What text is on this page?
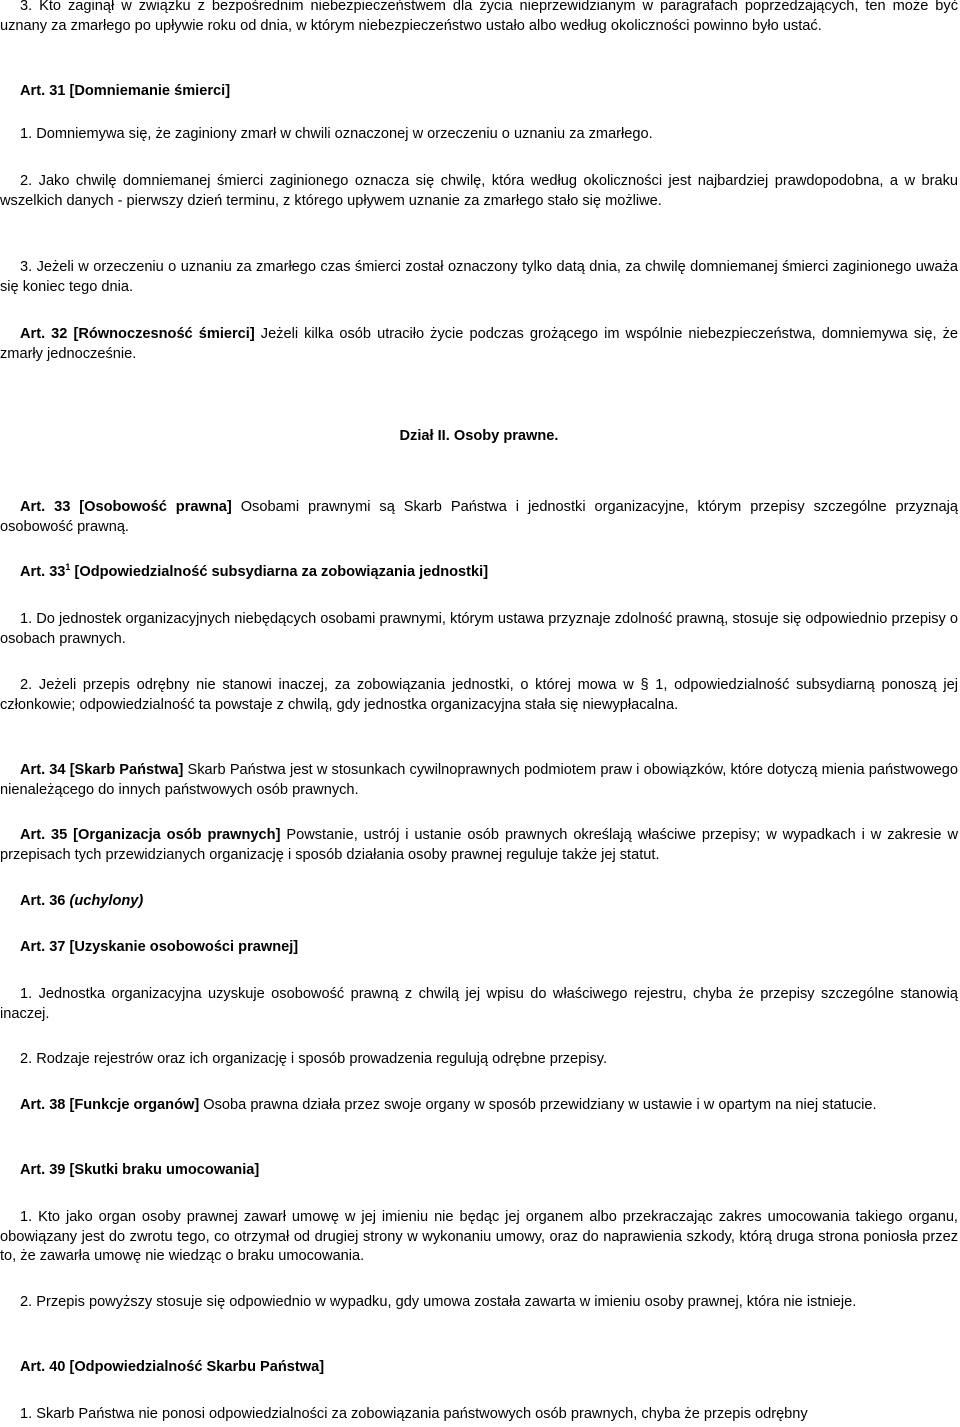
3. Kto zaginął w związku z bezpośrednim niebezpieczeństwem dla życia nieprzewidzianym w paragrafach poprzedzających, ten może być uznany za zmarłego po upływie roku od dnia, w którym niebezpieczeństwo ustało albo według okoliczności powinno było ustać.

Art. 31 [Domniemanie śmierci]

1. Domniemywa się, że zaginiony zmarł w chwili oznaczonej w orzeczeniu o uznaniu za zmarłego.

2. Jako chwilę domniemanej śmierci zaginionego oznacza się chwilę, która według okoliczności jest najbardziej prawdopodobna, a w braku wszelkich danych - pierwszy dzień terminu, z którego upływem uznanie za zmarłego stało się możliwe.

3. Jeżeli w orzeczeniu o uznaniu za zmarłego czas śmierci został oznaczony tylko datą dnia, za chwilę domniemanej śmierci zaginionego uważa się koniec tego dnia.

Art. 32 [Równoczesność śmierci] Jeżeli kilka osób utraciło życie podczas grożącego im wspólnie niebezpieczeństwa, domniemywa się, że zmarły jednocześnie.

Dział II. Osoby prawne.

Art. 33 [Osobowość prawna] Osobami prawnymi są Skarb Państwa i jednostki organizacyjne, którym przepisy szczególne przyznają osobowość prawną.

Art. $33^1$ [Odpowiedzialność subsydiarna za zobowiązania jednostki]

1. Do jednostek organizacyjnych niebędących osobami prawnymi, którym ustawa przyznaje zdolność prawną, stosuje się odpowiednio przepisy o osobach prawnych.

2. Jeżeli przepis odrębny nie stanowi inaczej, za zobowiązania jednostki, o której mowa w § 1, odpowiedzialność subsydiarną ponoszą jej członkowie; odpowiedzialność ta powstaje z chwilą, gdy jednostka organizacyjna stała się niewypłacalna.

Art. 34 [Skarb Państwa] Skarb Państwa jest w stosunkach cywilnoprawnych podmiotem praw i obowiązków, które dotyczą mienia państwowego nienależącego do innych państwowych osób prawnych.

Art. 35 [Organizacja osób prawnych] Powstanie, ustrój i ustanie osób prawnych określają właściwe przepisy; w wypadkach i w zakresie w przepisach tych przewidzianych organizację i sposób działania osoby prawnej reguluje także jej statut.

Art. 36 (uchylony)

Art. 37 [Uzyskanie osobowości prawnej]

1. Jednostka organizacyjna uzyskuje osobowość prawną z chwilą jej wpisu do właściwego rejestru, chyba że przepisy szczególne stanowią inaczej.

2. Rodzaje rejestrów oraz ich organizację i sposób prowadzenia regulują odrębne przepisy.

Art. 38 [Funkcje organów] Osoba prawna działa przez swoje organy w sposób przewidziany w ustawie i w opartym na niej statucie.

Art. 39 [Skutki braku umocowania]

1. Kto jako organ osoby prawnej zawarł umowę w jej imieniu nie będąc jej organem albo przekraczając zakres umocowania takiego organu, obowiązany jest do zwrotu tego, co otrzymał od drugiej strony w wykonaniu umowy, oraz do naprawienia szkody, którą druga strona poniosła przez to, że zawarła umowę nie wiedząc o braku umocowania.

2. Przepis powyższy stosuje się odpowiednio w wypadku, gdy umowa została zawarta w imieniu osoby prawnej, która nie istnieje.

Art. 40 [Odpowiedzialność Skarbu Państwa]

1. Skarb Państwa nie ponosi odpowiedzialności za zobowiązania państwowych osób prawnych, chyba że przepis odrębny
